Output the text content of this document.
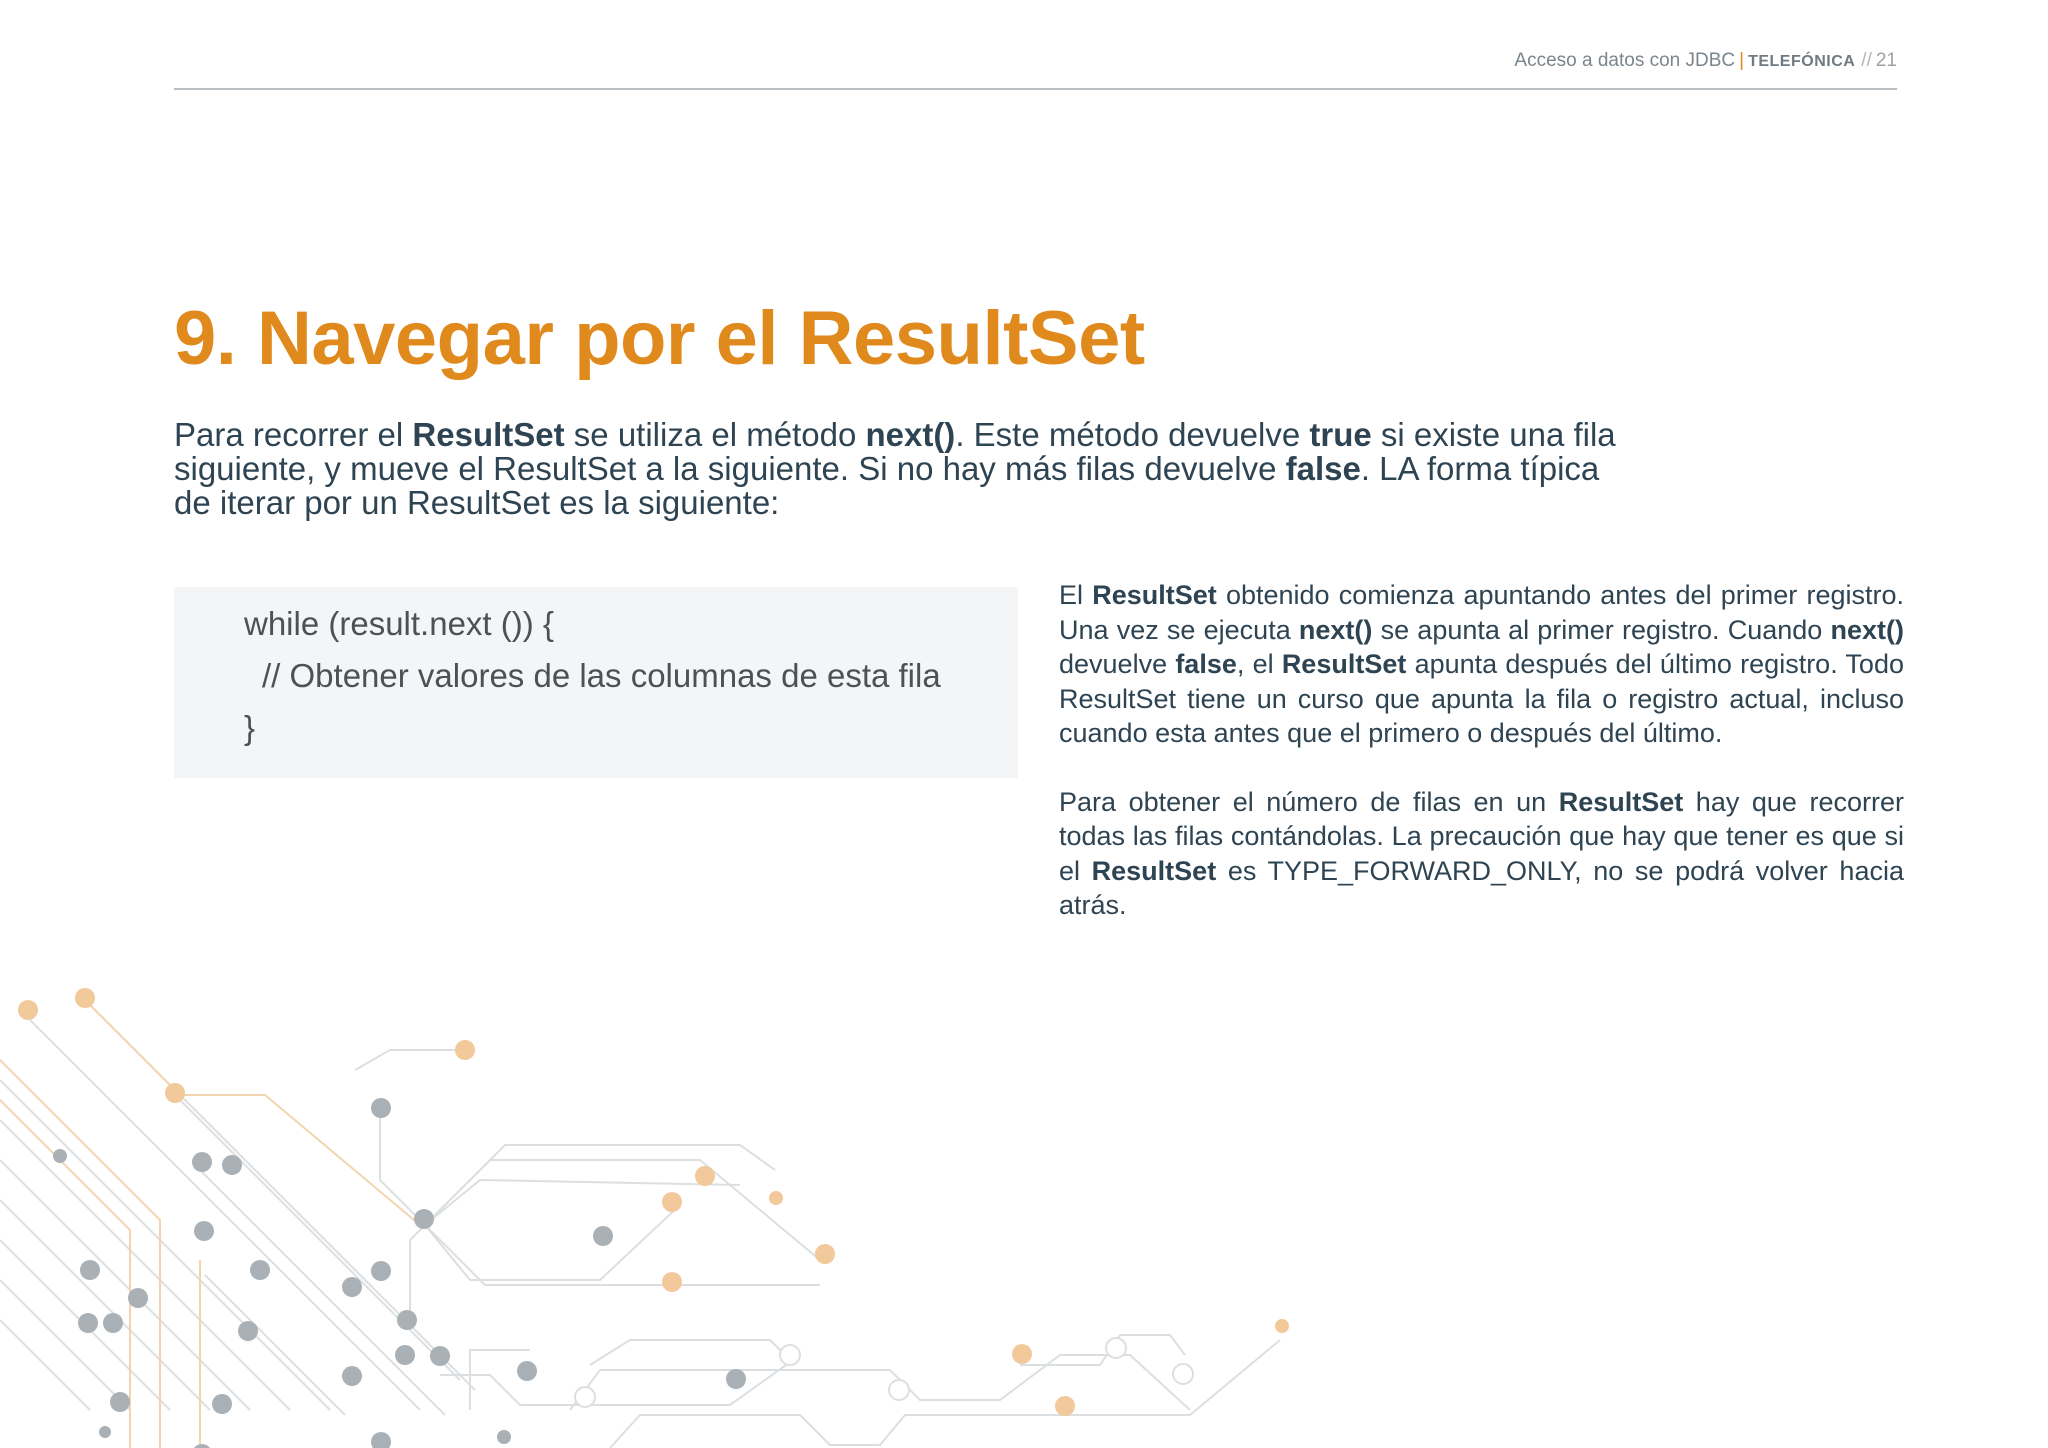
Acceso a datos con JDBC | TELEFÓNICA // 21
9. Navegar por el ResultSet

Para recorrer el ResultSet se utiliza el método next(). Este método devuelve true si existe una fila siguiente, y mueve el ResultSet a la siguiente. Si no hay más filas devuelve false. LA forma típica de iterar por un ResultSet es la siguiente:

while (result.next ()) {
// Obtener valores de las columnas de esta fila
}

El ResultSet obtenido comienza apuntando antes del primer registro. Una vez se ejecuta next() se apunta al primer registro. Cuando next() devuelve false, el ResultSet apunta después del último registro. Todo ResultSet tiene un curso que apunta la fila o registro actual, incluso cuando esta antes que el primero o después del último.

Para obtener el número de filas en un ResultSet hay que recorrer todas las filas contándolas. La precaución que hay que tener es que si el ResultSet es TYPE_FORWARD_ONLY, no se podrá volver hacia atrás.
